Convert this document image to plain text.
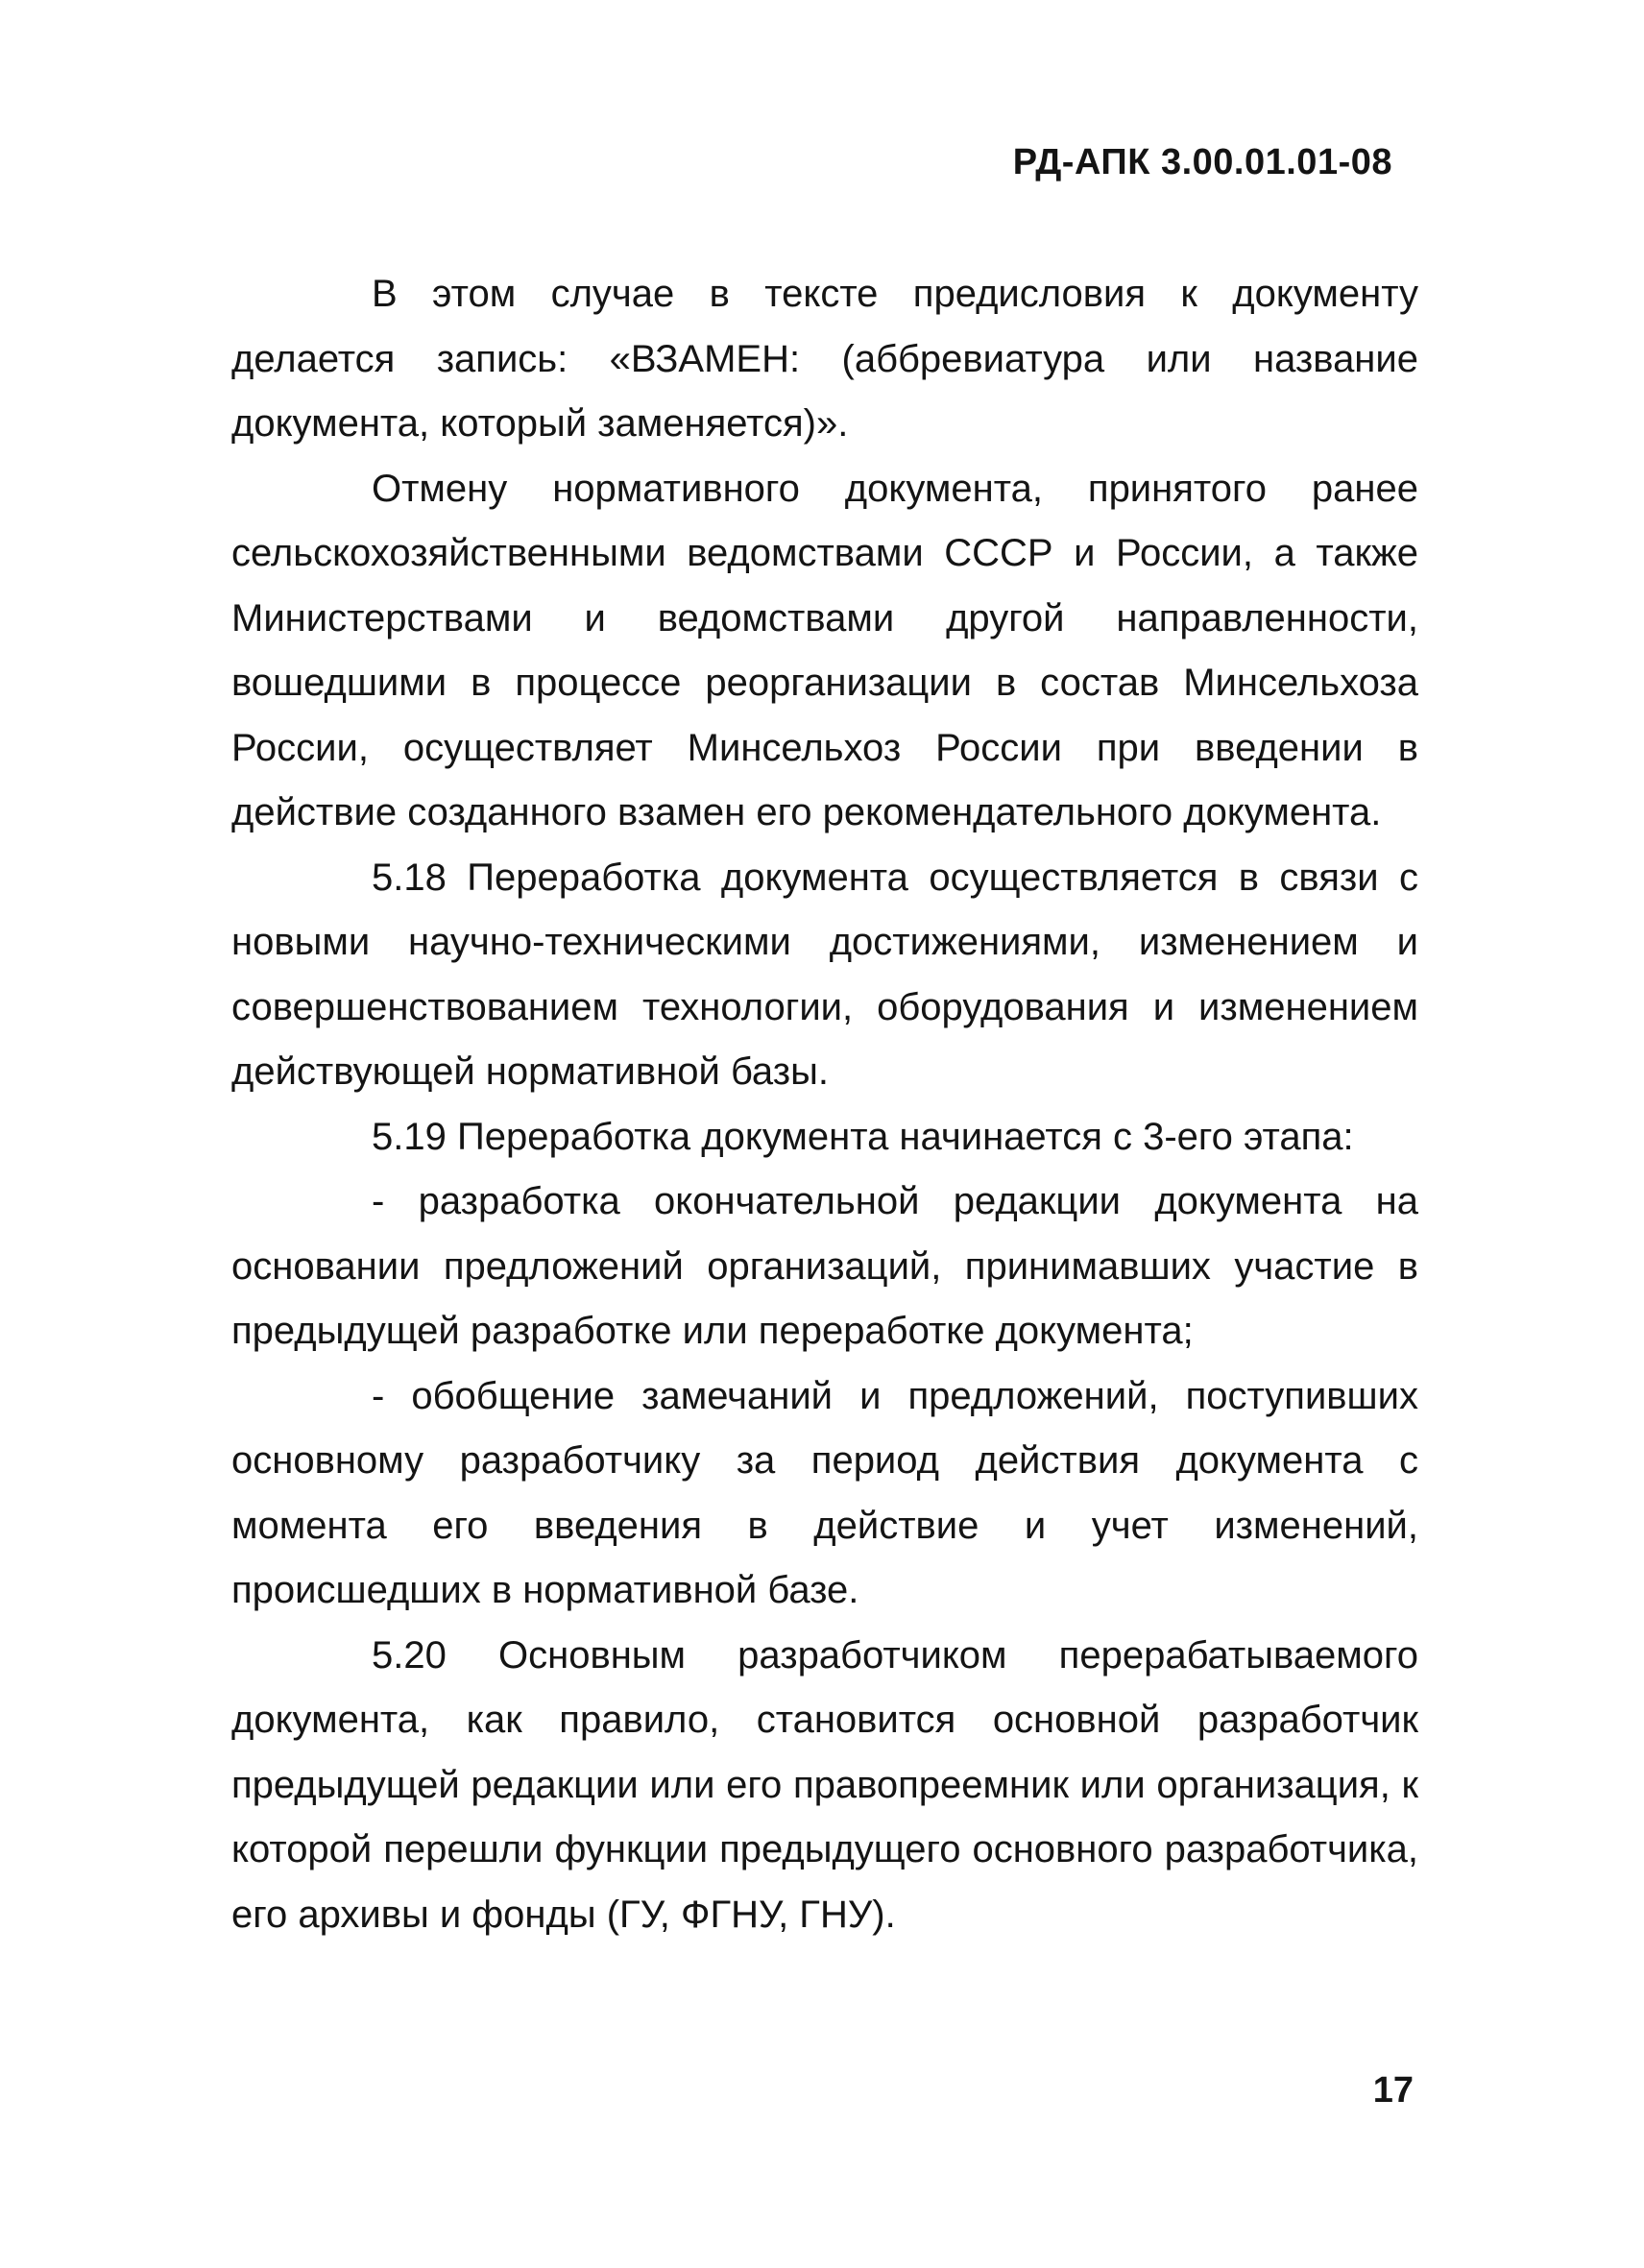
РД-АПК 3.00.01.01-08

В этом случае в тексте предисловия к документу делается запись: «ВЗАМЕН: (аббревиатура или название документа, который заменяется)».

Отмену нормативного документа, принятого ранее сельскохозяйственными ведомствами СССР и России, а также Министерствами и ведомствами другой направленности, вошедшими в процессе реорганизации в состав Минсельхоза России, осуществляет Минсельхоз России при введении в действие созданного взамен его рекомендательного документа.

5.18 Переработка документа осуществляется в связи с новыми научно-техническими достижениями, изменением и совершенствованием технологии, оборудования и изменением действующей нормативной базы.

5.19 Переработка документа начинается с 3-его этапа:

- разработка окончательной редакции документа на основании предложений организаций, принимавших участие в предыдущей разработке или переработке документа;

- обобщение замечаний и предложений, поступивших основному разработчику за период действия документа с момента его введения в действие и учет изменений, происшедших в нормативной базе.

5.20 Основным разработчиком перерабатываемого документа, как правило, становится основной разработчик предыдущей редакции или его правопреемник или организация, к которой перешли функции предыдущего основного разработчика, его архивы и фонды (ГУ, ФГНУ, ГНУ).

17
